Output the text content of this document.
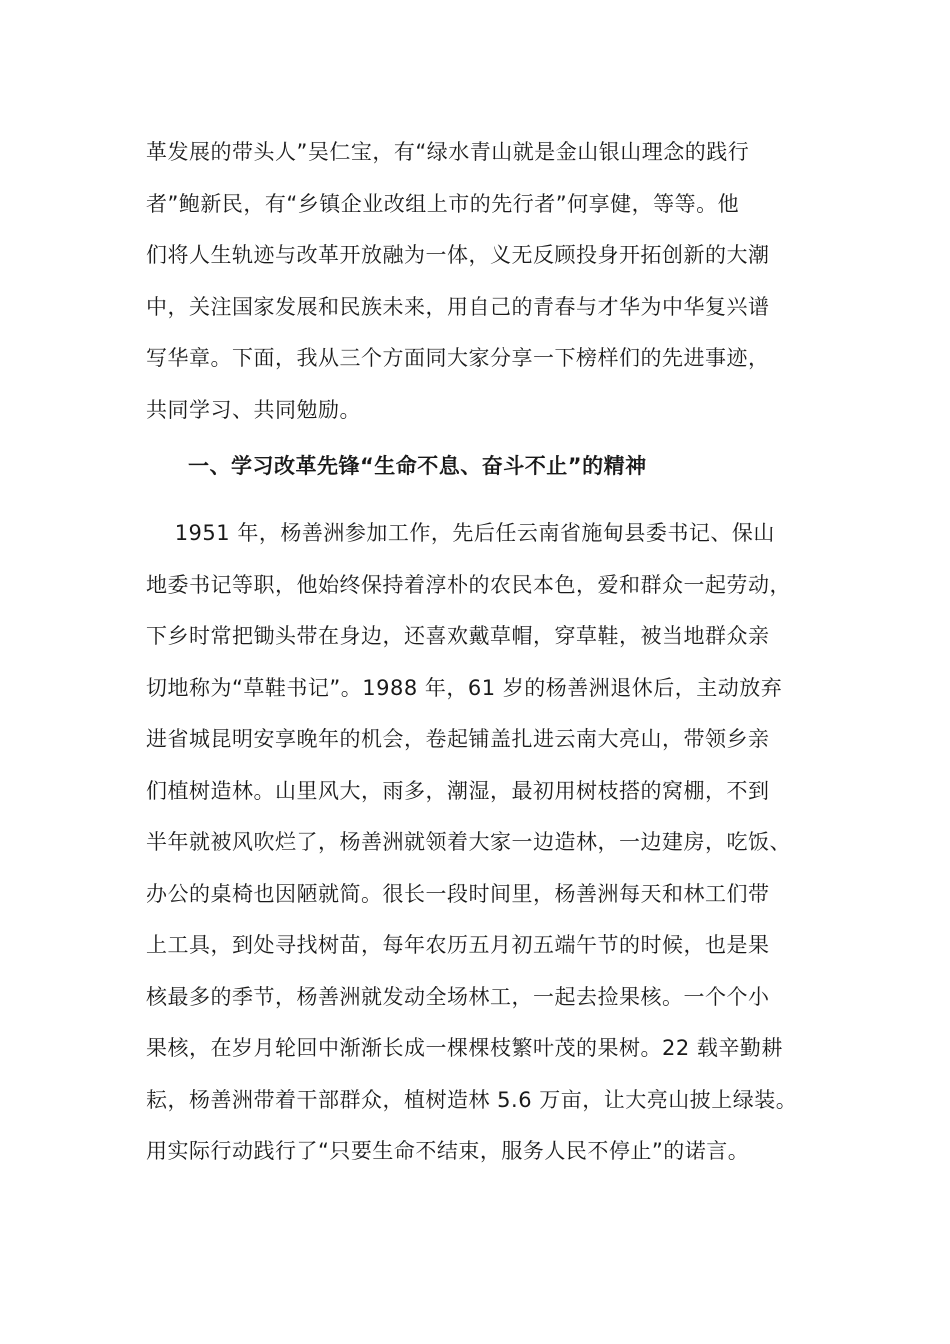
革发展的带头人”吴仁宝，有“绿水青山就是金山银山理念的践行
者”鲍新民，有“乡镇企业改组上市的先行者”何享健，等等。他
们将人生轨迹与改革开放融为一体，义无反顾投身开拓创新的大潮
中，关注国家发展和民族未来，用自己的青春与才华为中华复兴谱
写华章。下面，我从三个方面同大家分享一下榜样们的先进事迹，
共同学习、共同勉励。
一、学习改革先锋“生命不息、奋斗不止”的精神
1951 年，杨善洲参加工作，先后任云南省施甸县委书记、保山
地委书记等职，他始终保持着淳朴的农民本色，爱和群众一起劳动，
下乡时常把锄头带在身边，还喜欢戴草帽，穿草鞋，被当地群众亲
切地称为“草鞋书记”。1988 年，61 岁的杨善洲退休后，主动放弃
进省城昆明安享晚年的机会，卷起铺盖扎进云南大亮山，带领乡亲
们植树造林。山里风大，雨多，潮湿，最初用树枝搭的窝棚，不到
半年就被风吹烂了，杨善洲就领着大家一边造林，一边建房，吃饭、
办公的桌椅也因陋就简。很长一段时间里，杨善洲每天和林工们带
上工具，到处寻找树苗，每年农历五月初五端午节的时候，也是果
核最多的季节，杨善洲就发动全场林工，一起去捡果核。一个个小
果核，在岁月轮回中渐渐长成一棵棵枝繁叶茂的果树。22 载辛勤耕
耘，杨善洲带着干部群众，植树造林 5.6 万亩，让大亮山披上绿装。
用实际行动践行了“只要生命不结束，服务人民不停止”的诺言。
